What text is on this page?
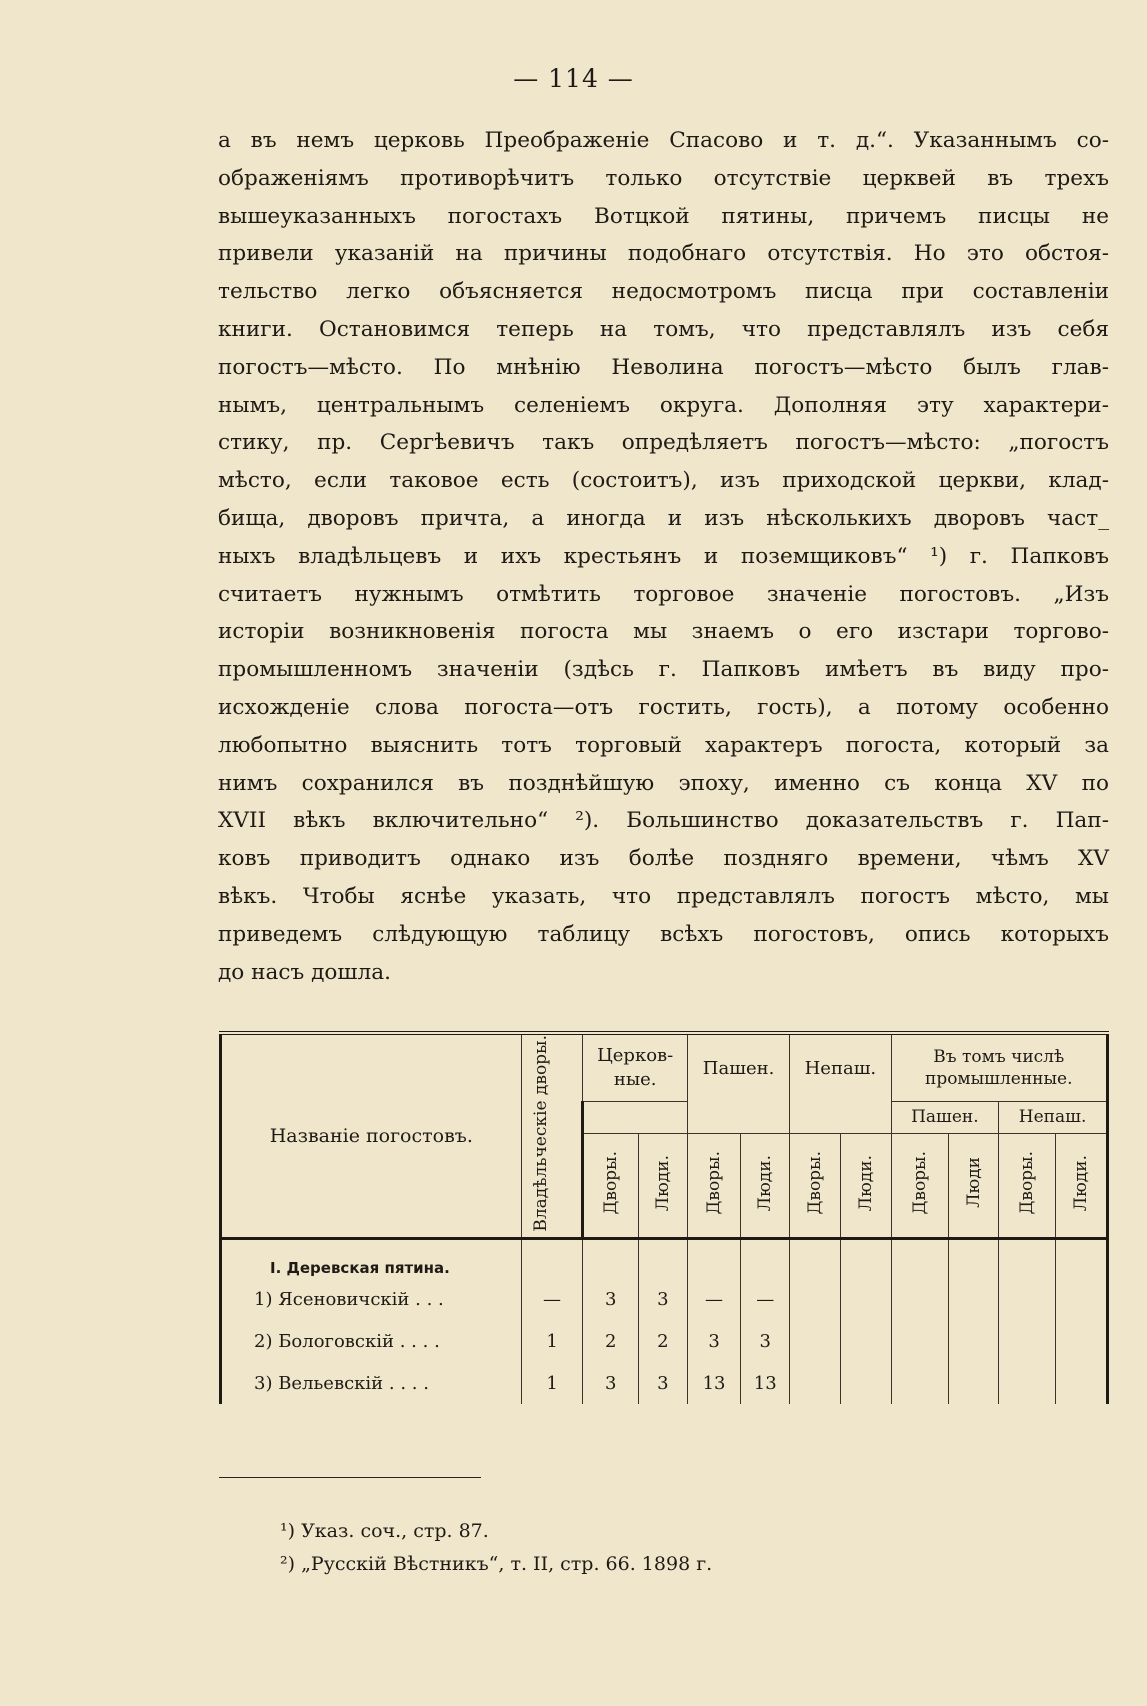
— 114 —
а въ немъ церковь Преображеніе Спасово и т. д.“. Указаннымъ со-
ображеніямъ противорѣчитъ только отсутствіе церквей въ трехъ
вышеуказанныхъ погостахъ Вотцкой пятины, причемъ писцы не
привели указаній на причины подобнаго отсутствія. Но это обстоя-
тельство легко объясняется недосмотромъ писца при составленіи
книги. Остановимся теперь на томъ, что представлялъ изъ себя
погостъ—мѣсто. По мнѣнію Неволина погостъ—мѣсто былъ глав-
нымъ, центральнымъ селеніемъ округа. Дополняя эту характери-
стику, пр. Сергѣевичъ такъ опредѣляетъ погостъ—мѣсто: „погостъ
мѣсто, если таковое есть (состоитъ), изъ приходской церкви, клад-
бища, дворовъ причта, а иногда и изъ нѣсколькихъ дворовъ част_
ныхъ владѣльцевъ и ихъ крестьянъ и поземщиковъ“ ¹) г. Папковъ
считаетъ нужнымъ отмѣтить торговое значеніе погостовъ. „Изъ
исторіи возникновенія погоста мы знаемъ о его изстари торгово-
промышленномъ значеніи (здѣсь г. Папковъ имѣетъ въ виду про-
исхожденіе слова погоста—отъ гостить, гость), а потому особенно
любопытно выяснить тотъ торговый характеръ погоста, который за
нимъ сохранился въ позднѣйшую эпоху, именно съ конца XV по
XVII вѣкъ включительно“ ²). Большинство доказательствъ г. Пап-
ковъ приводитъ однако изъ болѣе поздняго времени, чѣмъ XV
вѣкъ. Чтобы яснѣе указать, что представлялъ погостъ мѣсто, мы
приведемъ слѣдующую таблицу всѣхъ погостовъ, опись которыхъ
до насъ дошла.
Названіе погостовъ.	Владѣльческіе дворы.	Церков-ные.		Пашен.		Непаш.		Въ томъ числѣ промышленные.			
								Пашен.		Непаш.	
		Дворы.	Люди.	Дворы.	Люди.	Дворы.	Люди.	Дворы.	Люди	Дворы.	Люди.
I. Деревская пятина.											
1) Ясеновичскій . . .	—	3	3	—	—						
2) Бологовскій . . . .	1	2	2	3	3						
3) Вельевскій . . . .	1	3	3	13	13						
¹) Указ. соч., стр. 87.
²) „Русскій Вѣстникъ“, т. II, стр. 66. 1898 г.
